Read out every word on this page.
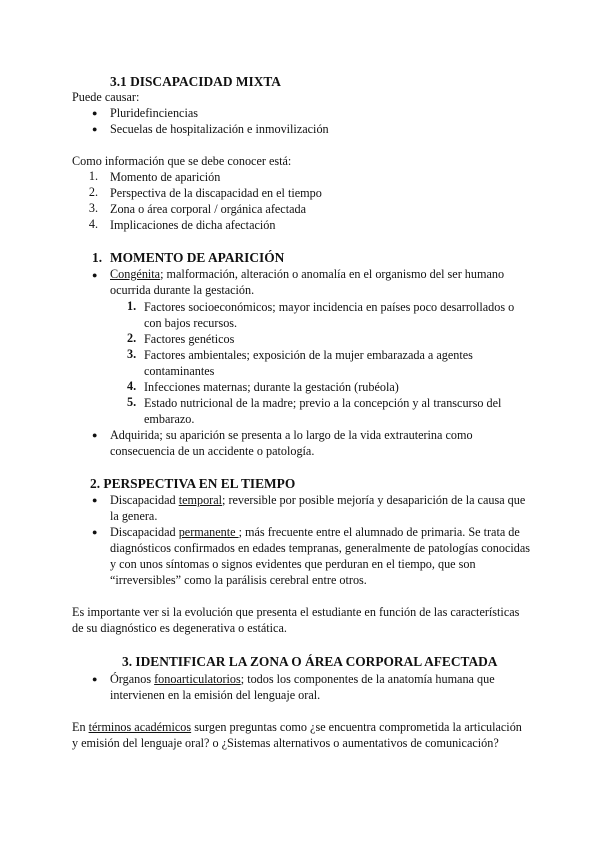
3.1 DISCAPACIDAD MIXTA
Puede causar:
● Pluridefinciencias
● Secuelas de hospitalización e inmovilización
Como información que se debe conocer está:
1. Momento de aparición
2. Perspectiva de la discapacidad en el tiempo
3. Zona o área corporal / orgánica afectada
4. Implicaciones de dicha afectación
1. MOMENTO DE APARICIÓN
● Congénita; malformación, alteración o anomalía en el organismo del ser humano
ocurrida durante la gestación.
1. Factores socioeconómicos; mayor incidencia en países poco desarrollados o
con bajos recursos.
2. Factores genéticos
3. Factores ambientales; exposición de la mujer embarazada a agentes
contaminantes
4. Infecciones maternas; durante la gestación (rubéola)
5. Estado nutricional de la madre; previo a la concepción y al transcurso del
embarazo.
● Adquirida; su aparición se presenta a lo largo de la vida extrauterina como
consecuencia de un accidente o patología.
2. PERSPECTIVA EN EL TIEMPO
● Discapacidad temporal; reversible por posible mejoría y desaparición de la causa que
la genera.
● Discapacidad permanente ; más frecuente entre el alumnado de primaria. Se trata de
diagnósticos confirmados en edades tempranas, generalmente de patologías conocidas
y con unos síntomas o signos evidentes que perduran en el tiempo, que son
“irreversibles” como la parálisis cerebral entre otros.
Es importante ver si la evolución que presenta el estudiante en función de las características
de su diagnóstico es degenerativa o estática.
3. IDENTIFICAR LA ZONA O ÁREA CORPORAL AFECTADA
● Órganos fonoarticulatorios; todos los componentes de la anatomía humana que
intervienen en la emisión del lenguaje oral.
En términos académicos surgen preguntas como ¿se encuentra comprometida la articulación
y emisión del lenguaje oral? o ¿Sistemas alternativos o aumentativos de comunicación?
